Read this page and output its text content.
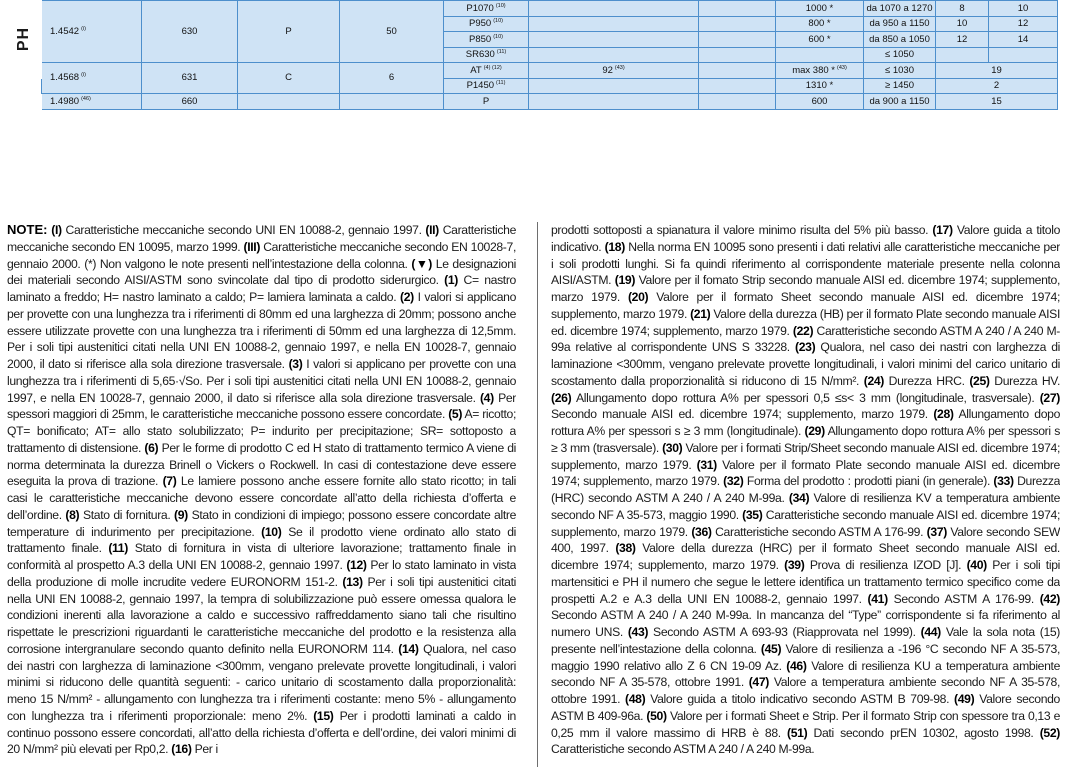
PH	1.4542 $^{(i)}$	630	P	50	P1070 $^{(10)}$			1000 *	da 1070 a 1270	8	10
					P950 $^{(10)}$			800 *	da 950 a 1150	10	12
					P850 $^{(10)}$			600 *	da 850 a 1050	12	14
					SR630 $^{(11)}$				≤ 1050		
	1.4568 $^{(i)}$	631	C	6	AT $^{(4) (12)}$	92 $^{(43)}$		max 380 * $^{(43)}$	≤ 1030	19	
					P1450 $^{(11)}$			1310 *	≥ 1450	2	
	1.4980 $^{(46)}$	660			P			600	da 900 a 1150	15	
NOTE: (I) Caratteristiche meccaniche secondo UNI EN 10088-2, gennaio 1997. (II) Caratteristiche meccaniche secondo EN 10095, marzo 1999. (III) Caratteristiche meccaniche secondo EN 10028-7, gennaio 2000. (*) Non valgono le note presenti nell’intestazione della colonna. (▼) Le designazioni dei materiali secondo AISI/ASTM sono svincolate dal tipo di prodotto siderurgico. (1) C= nastro laminato a freddo; H= nastro laminato a caldo; P= lamiera laminata a caldo. (2) I valori si applicano per provette con una lunghezza tra i riferimenti di 80mm ed una larghezza di 20mm; possono anche essere utilizzate provette con una lunghezza tra i riferimenti di 50mm ed una larghezza di 12,5mm. Per i soli tipi austenitici citati nella UNI EN 10088-2, gennaio 1997, e nella EN 10028-7, gennaio 2000, il dato si riferisce alla sola direzione trasversale. (3) I valori si applicano per provette con una lunghezza tra i riferimenti di 5,65·√So. Per i soli tipi austenitici citati nella UNI EN 10088-2, gennaio 1997, e nella EN 10028-7, gennaio 2000, il dato si riferisce alla sola direzione trasversale. (4) Per spessori maggiori di 25mm, le caratteristiche meccaniche possono essere concordate. (5) A= ricotto; QT= bonificato; AT= allo stato solubilizzato; P= indurito per precipitazione; SR= sottoposto a trattamento di distensione. (6) Per le forme di prodotto C ed H stato di trattamento termico A viene di norma determinata la durezza Brinell o Vickers o Rockwell. In casi di contestazione deve essere eseguita la prova di trazione. (7) Le lamiere possono anche essere fornite allo stato ricotto; in tali casi le caratteristiche meccaniche devono essere concordate all’atto della richiesta d’offerta e dell’ordine. (8) Stato di fornitura. (9) Stato in condizioni di impiego; possono essere concordate altre temperature di indurimento per precipitazione. (10) Se il prodotto viene ordinato allo stato di trattamento finale. (11) Stato di fornitura in vista di ulteriore lavorazione; trattamento finale in conformità al prospetto A.3 della UNI EN 10088-2, gennaio 1997. (12) Per lo stato laminato in vista della produzione di molle incrudite vedere EURONORM 151-2. (13) Per i soli tipi austenitici citati nella UNI EN 10088-2, gennaio 1997, la tempra di solubilizzazione può essere omessa qualora le condizioni inerenti alla lavorazione a caldo e successivo raffreddamento siano tali che risultino rispettate le prescrizioni riguardanti le caratteristiche meccaniche del prodotto e la resistenza alla corrosione intergranulare secondo quanto definito nella EURONORM 114. (14) Qualora, nel caso dei nastri con larghezza di laminazione <300mm, vengano prelevate provette longitudinali, i valori minimi si riducono delle quantità seguenti: - carico unitario di scostamento dalla proporzionalità: meno 15 N/mm² - allungamento con lunghezza tra i riferimenti costante: meno 5% - allungamento con lunghezza tra i riferimenti proporzionale: meno 2%. (15) Per i prodotti laminati a caldo in continuo possono essere concordati, all’atto della richiesta d’offerta e dell’ordine, dei valori minimi di 20 N/mm² più elevati per Rp0,2. (16) Per i
prodotti sottoposti a spianatura il valore minimo risulta del 5% più basso. (17) Valore guida a titolo indicativo. (18) Nella norma EN 10095 sono presenti i dati relativi alle caratteristiche meccaniche per i soli prodotti lunghi. Si fa quindi riferimento al corrispondente materiale presente nella colonna AISI/ASTM. (19) Valore per il fomato Strip secondo manuale AISI ed. dicembre 1974; supplemento, marzo 1979. (20) Valore per il formato Sheet secondo manuale AISI ed. dicembre 1974; supplemento, marzo 1979. (21) Valore della durezza (HB) per il formato Plate secondo manuale AISI ed. dicembre 1974; supplemento, marzo 1979. (22) Caratteristiche secondo ASTM A 240 / A 240 M-99a relative al corrispondente UNS S 33228. (23) Qualora, nel caso dei nastri con larghezza di laminazione <300mm, vengano prelevate provette longitudinali, i valori minimi del carico unitario di scostamento dalla proporzionalità si riducono di 15 N/mm². (24) Durezza HRC. (25) Durezza HV. (26) Allungamento dopo rottura A% per spessori 0,5 ≤s< 3 mm (longitudinale, trasversale). (27) Secondo manuale AISI ed. dicembre 1974; supplemento, marzo 1979. (28) Allungamento dopo rottura A% per spessori s ≥ 3 mm (longitudinale). (29) Allungamento dopo rottura A% per spessori s ≥ 3 mm (trasversale). (30) Valore per i formati Strip/Sheet secondo manuale AISI ed. dicembre 1974; supplemento, marzo 1979. (31) Valore per il formato Plate secondo manuale AISI ed. dicembre 1974; supplemento, marzo 1979. (32) Forma del prodotto : prodotti piani (in generale). (33) Durezza (HRC) secondo ASTM A 240 / A 240 M-99a. (34) Valore di resilienza KV a temperatura ambiente secondo NF A 35-573, maggio 1990. (35) Caratteristiche secondo manuale AISI ed. dicembre 1974; supplemento, marzo 1979. (36) Caratteristiche secondo ASTM A 176-99. (37) Valore secondo SEW 400, 1997. (38) Valore della durezza (HRC) per il formato Sheet secondo manuale AISI ed. dicembre 1974; supplemento, marzo 1979. (39) Prova di resilienza IZOD [J]. (40) Per i soli tipi martensitici e PH il numero che segue le lettere identifica un trattamento termico specifico come da prospetti A.2 e A.3 della UNI EN 10088-2, gennaio 1997. (41) Secondo ASTM A 176-99. (42) Secondo ASTM A 240 / A 240 M-99a. In mancanza del “Type” corrispondente si fa riferimento al numero UNS. (43) Secondo ASTM A 693-93 (Riapprovata nel 1999). (44) Vale la sola nota (15) presente nell’intestazione della colonna. (45) Valore di resilienza a -196 °C secondo NF A 35-573, maggio 1990 relativo allo Z 6 CN 19-09 Az. (46) Valore di resilienza KU a temperatura ambiente secondo NF A 35-578, ottobre 1991. (47) Valore a temperatura ambiente secondo NF A 35-578, ottobre 1991. (48) Valore guida a titolo indicativo secondo ASTM B 709-98. (49) Valore secondo ASTM B 409-96a. (50) Valore per i formati Sheet e Strip. Per il formato Strip con spessore tra 0,13 e 0,25 mm il valore massimo di HRB è 88. (51) Dati secondo prEN 10302, agosto 1998. (52) Caratteristiche secondo ASTM A 240 / A 240 M-99a.
